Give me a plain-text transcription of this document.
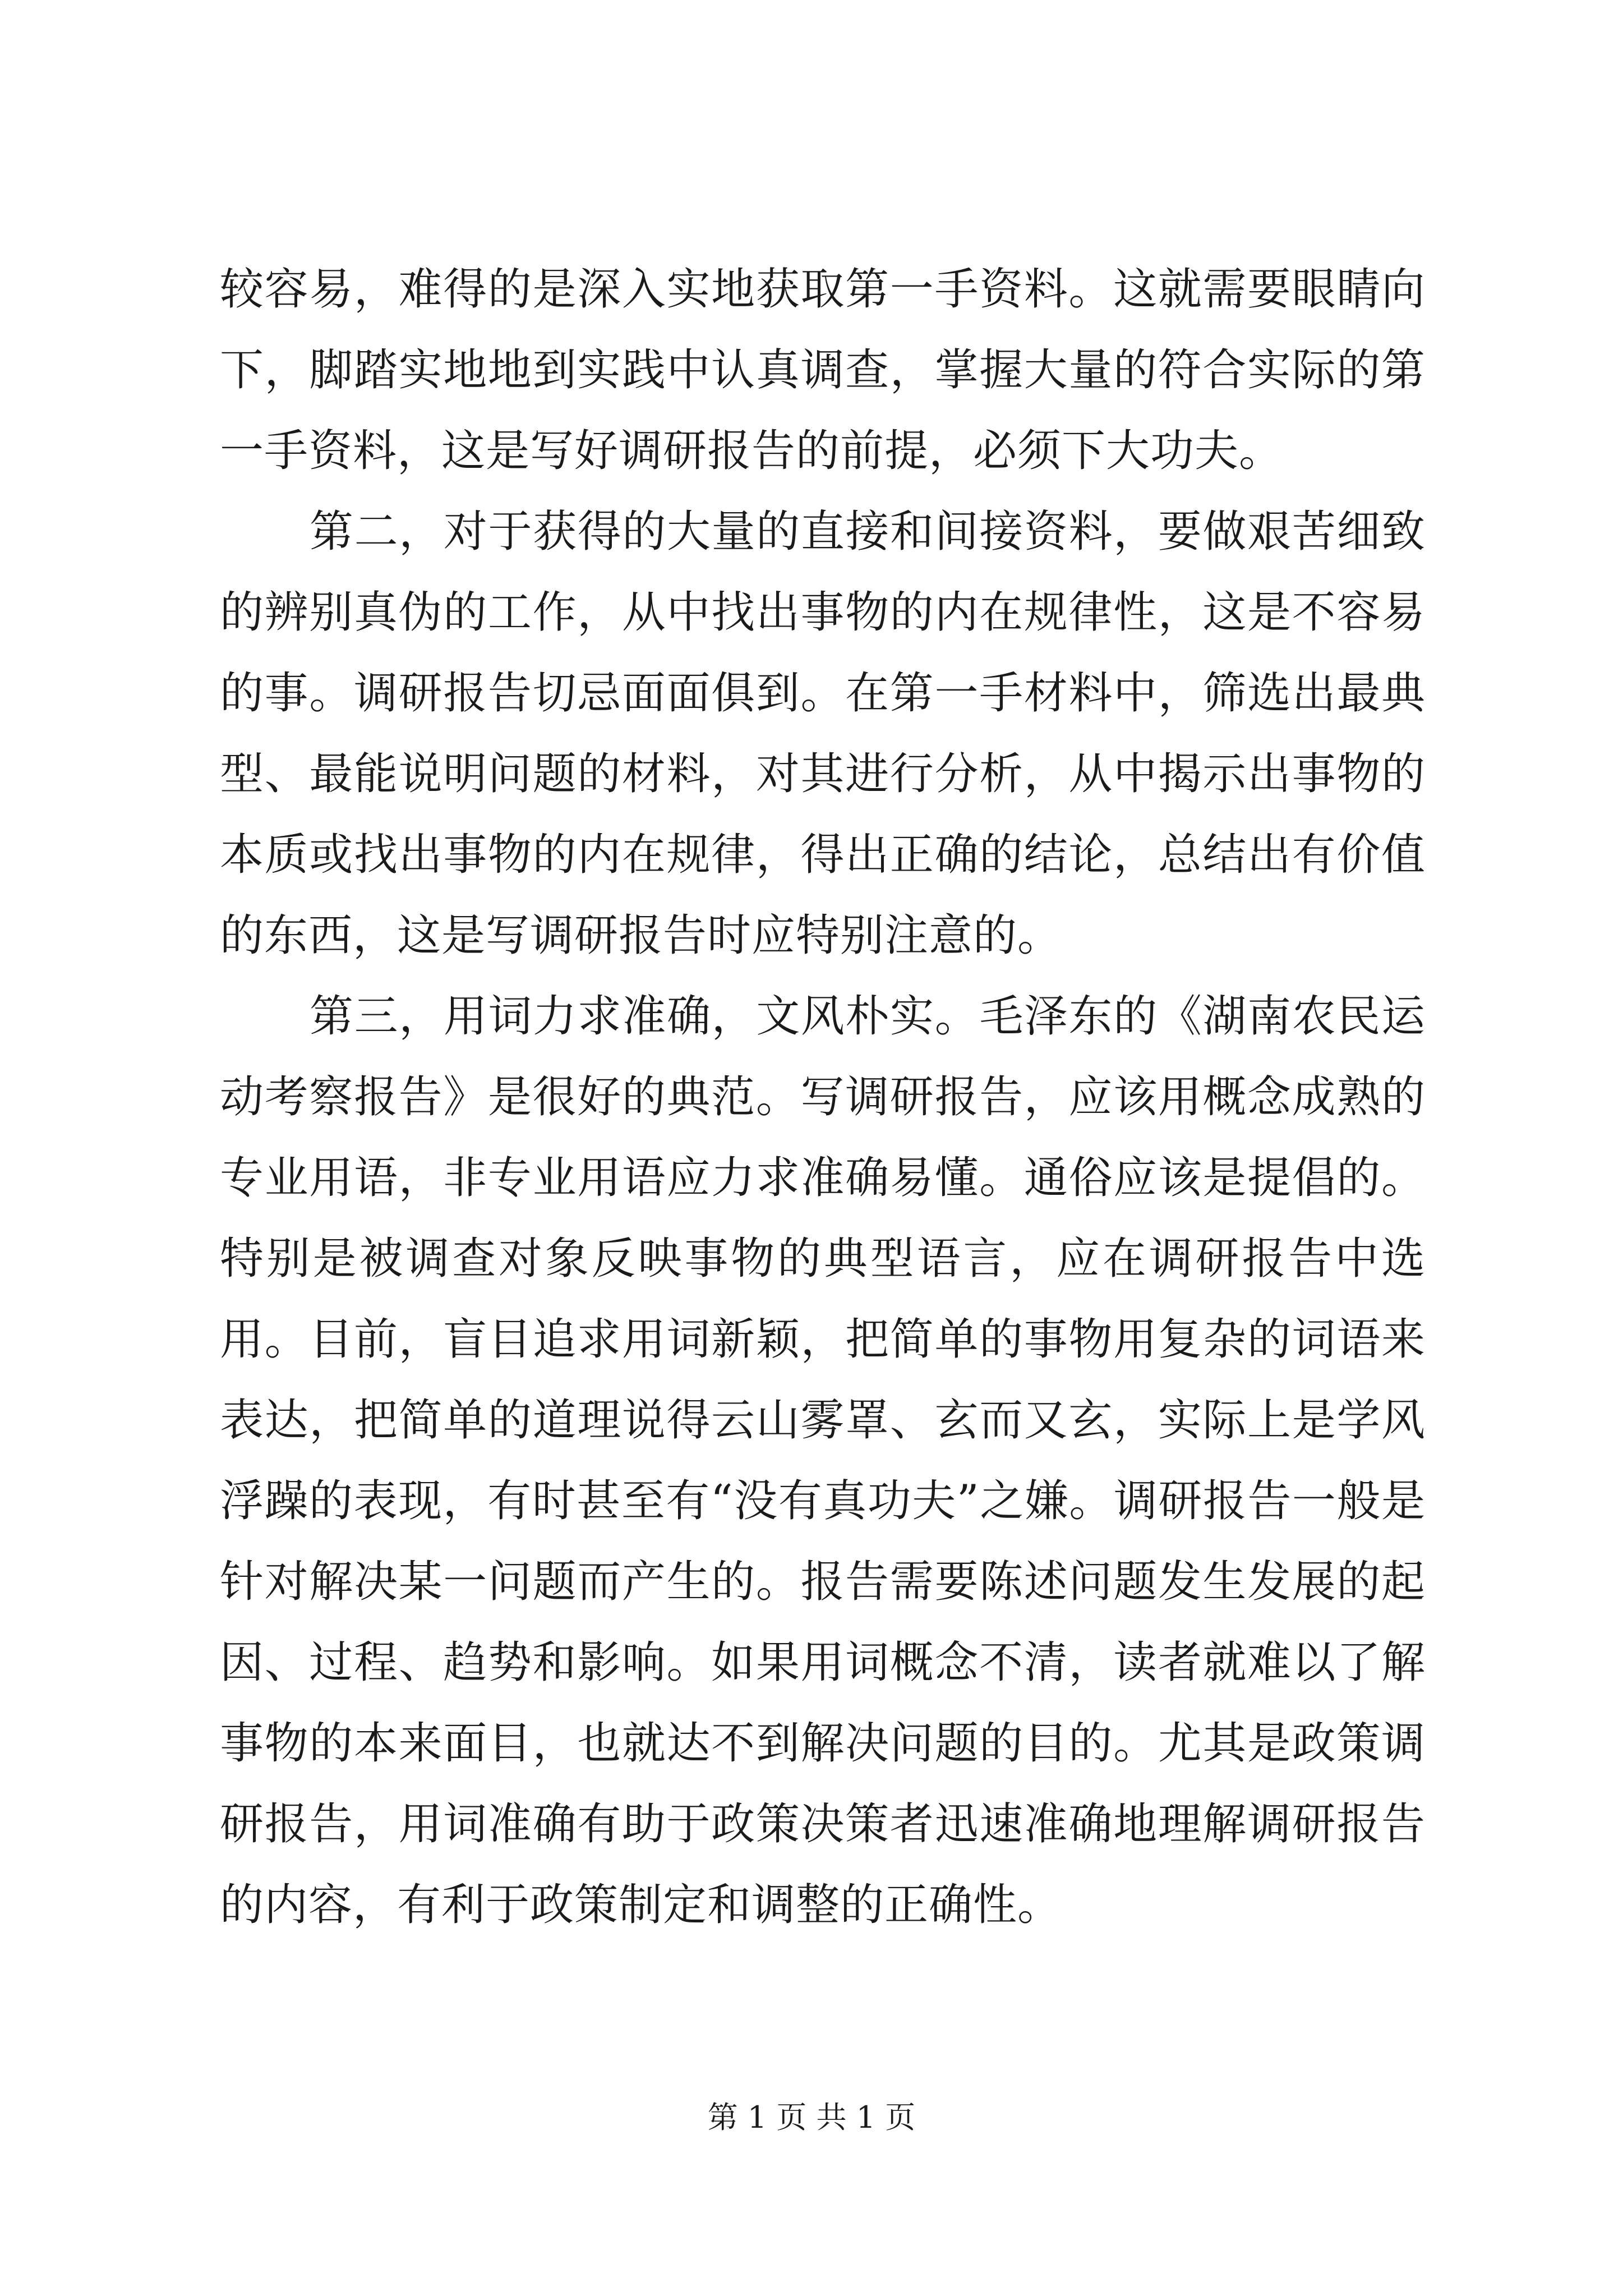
较容易，难得的是深入实地获取第一手资料。这就需要眼睛向下，脚踏实地地到实践中认真调查，掌握大量的符合实际的第一手资料，这是写好调研报告的前提，必须下大功夫。

第二，对于获得的大量的直接和间接资料，要做艰苦细致的辨别真伪的工作，从中找出事物的内在规律性，这是不容易的事。调研报告切忌面面俱到。在第一手材料中，筛选出最典型、最能说明问题的材料，对其进行分析，从中揭示出事物的本质或找出事物的内在规律，得出正确的结论，总结出有价值的东西，这是写调研报告时应特别注意的。

第三，用词力求准确，文风朴实。毛泽东的《湖南农民运动考察报告》是很好的典范。写调研报告，应该用概念成熟的专业用语，非专业用语应力求准确易懂。通俗应该是提倡的。特别是被调查对象反映事物的典型语言，应在调研报告中选用。目前，盲目追求用词新颖，把简单的事物用复杂的词语来表达，把简单的道理说得云山雾罩、玄而又玄，实际上是学风浮躁的表现，有时甚至有“没有真功夫”之嫌。调研报告一般是针对解决某一问题而产生的。报告需要陈述问题发生发展的起因、过程、趋势和影响。如果用词概念不清，读者就难以了解事物的本来面目，也就达不到解决问题的目的。尤其是政策调研报告，用词准确有助于政策决策者迅速准确地理解调研报告的内容，有利于政策制定和调整的正确性。

第 1 页 共 1 页
